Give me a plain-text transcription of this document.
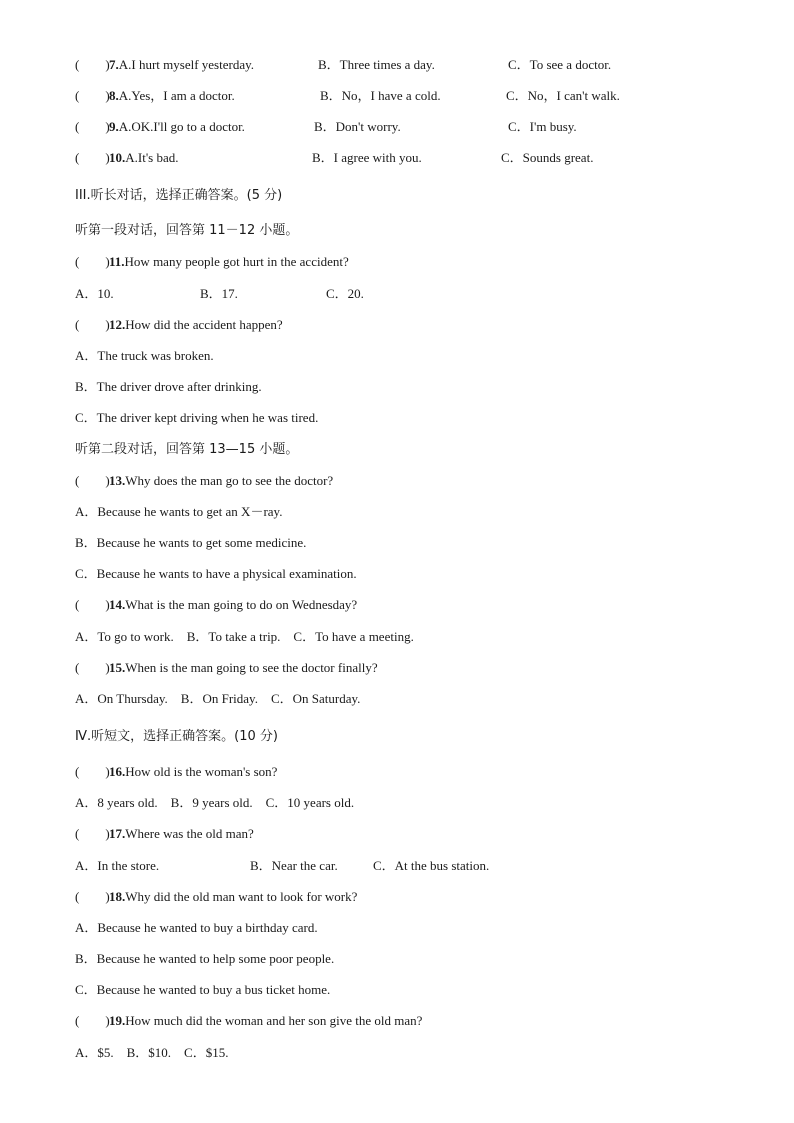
(　　)7.A.I hurt myself yesterday.	B．Three times a day.	C．To see a doctor.
(　　)8.A.Yes，I am a doctor.	B．No，I have a cold.	C．No，I can't walk.
(　　)9.A.OK.I'll go to a doctor.	B．Don't worry.	C．I'm busy.
(　　)10.A.It's bad.	B．I agree with you.	C．Sounds great.
III.听长对话，选择正确答案。(5 分)
听第一段对话，回答第 11－12 小题。
(　　)11.How many people got hurt in the accident?
A．10.	B．17.	C．20.
(　　)12.How did the accident happen?
A．The truck was broken.
B．The driver drove after drinking.
C．The driver kept driving when he was tired.
听第二段对话，回答第 13—15 小题。
(　　)13.Why does the man go to see the doctor?
A．Because he wants to get an X－ray.
B．Because he wants to get some medicine.
C．Because he wants to have a physical examination.
(　　)14.What is the man going to do on Wednesday?
A．To go to work.　B．To take a trip.　C．To have a meeting.
(　　)15.When is the man going to see the doctor finally?
A．On Thursday.　B．On Friday.　C．On Saturday.
Ⅳ.听短文，选择正确答案。(10 分)
(　　)16.How old is the woman's son?
A．8 years old.　B．9 years old.　C．10 years old.
(　　)17.Where was the old man?
A．In the store.	B．Near the car.	C．At the bus station.
(　　)18.Why did the old man want to look for work?
A．Because he wanted to buy a birthday card.
B．Because he wanted to help some poor people.
C．Because he wanted to buy a bus ticket home.
(　　)19.How much did the woman and her son give the old man?
A．$5.　B．$10.　C．$15.
